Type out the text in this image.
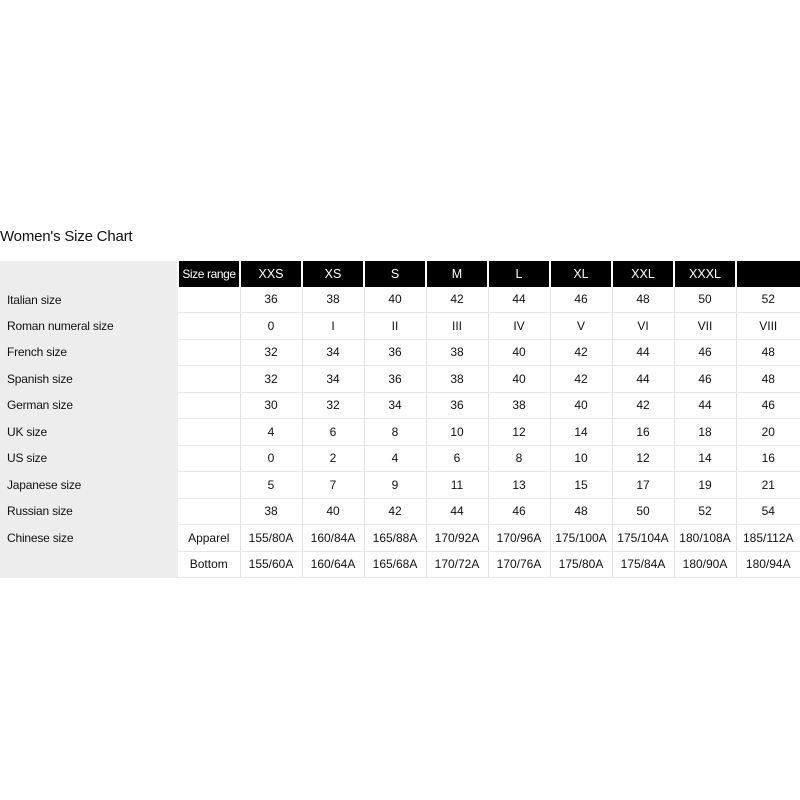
Women's Size Chart
	Size range	XXS	XS	S	M	L	XL	XXL	XXXL	
Italian size		36	38	40	42	44	46	48	50	52
Roman numeral size		0	I	II	III	IV	V	VI	VII	VIII
French size		32	34	36	38	40	42	44	46	48
Spanish size		32	34	36	38	40	42	44	46	48
German size		30	32	34	36	38	40	42	44	46
UK size		4	6	8	10	12	14	16	18	20
US size		0	2	4	6	8	10	12	14	16
Japanese size		5	7	9	11	13	15	17	19	21
Russian size		38	40	42	44	46	48	50	52	54
Chinese size	Apparel	155/80A	160/84A	165/88A	170/92A	170/96A	175/100A	175/104A	180/108A	185/112A
	Bottom	155/60A	160/64A	165/68A	170/72A	170/76A	175/80A	175/84A	180/90A	180/94A
